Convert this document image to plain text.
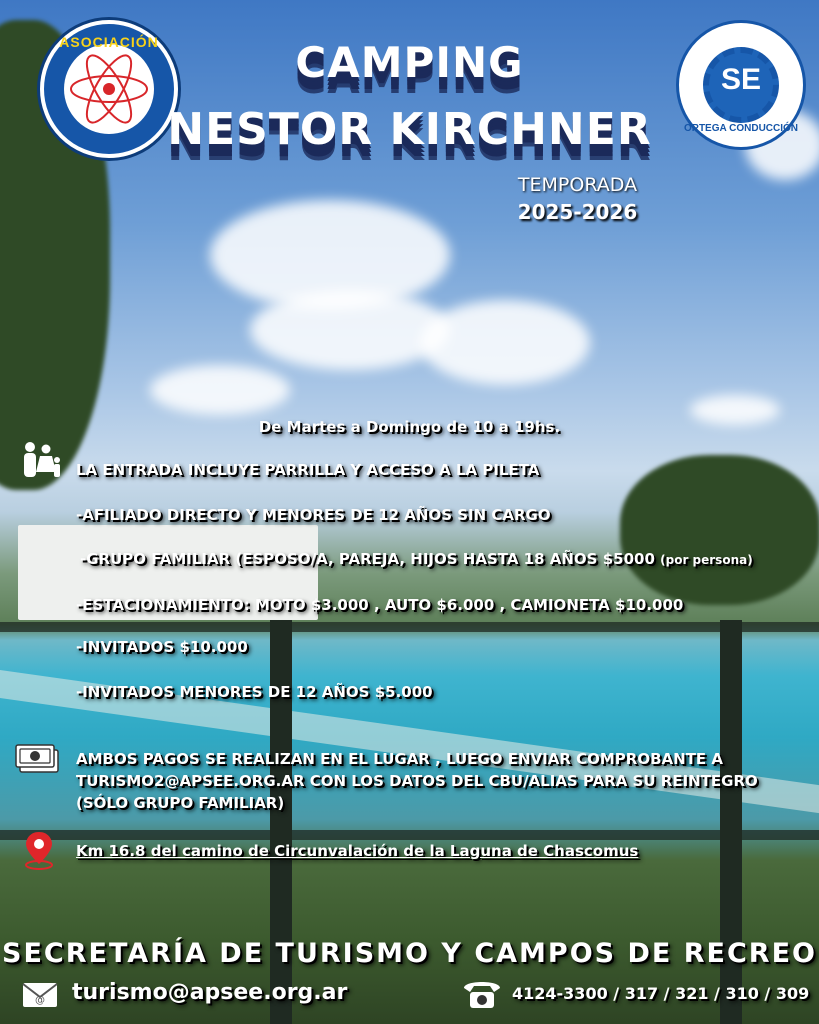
ASOCIACIÓN
SE
ORTEGA CONDUCCIÓN
CAMPING
NESTOR KIRCHNER
TEMPORADA
2025-2026
De Martes a Domingo de 10 a 19hs.
LA ENTRADA INCLUYE PARRILLA Y ACCESO A LA PILETA
-AFILIADO DIRECTO Y MENORES DE 12 AÑOS SIN CARGO
-GRUPO FAMILIAR (ESPOSO/A, PAREJA, HIJOS HASTA 18 AÑOS $5000 (por persona)
-ESTACIONAMIENTO: MOTO $3.000 , AUTO $6.000 , CAMIONETA $10.000
-INVITADOS $10.000
-INVITADOS MENORES DE 12 AÑOS $5.000
AMBOS PAGOS SE REALIZAN EN EL LUGAR , LUEGO ENVIAR COMPROBANTE A
TURISMO2@APSEE.ORG.AR CON LOS DATOS DEL CBU/ALIAS PARA SU REINTEGRO
(SÓLO GRUPO FAMILIAR)
Km 16.8 del camino de Circunvalación de la Laguna de Chascomus
SECRETARÍA DE TURISMO Y CAMPOS DE RECREO
@ turismo@apsee.org.ar	4124-3300 / 317 / 321 / 310 / 309
